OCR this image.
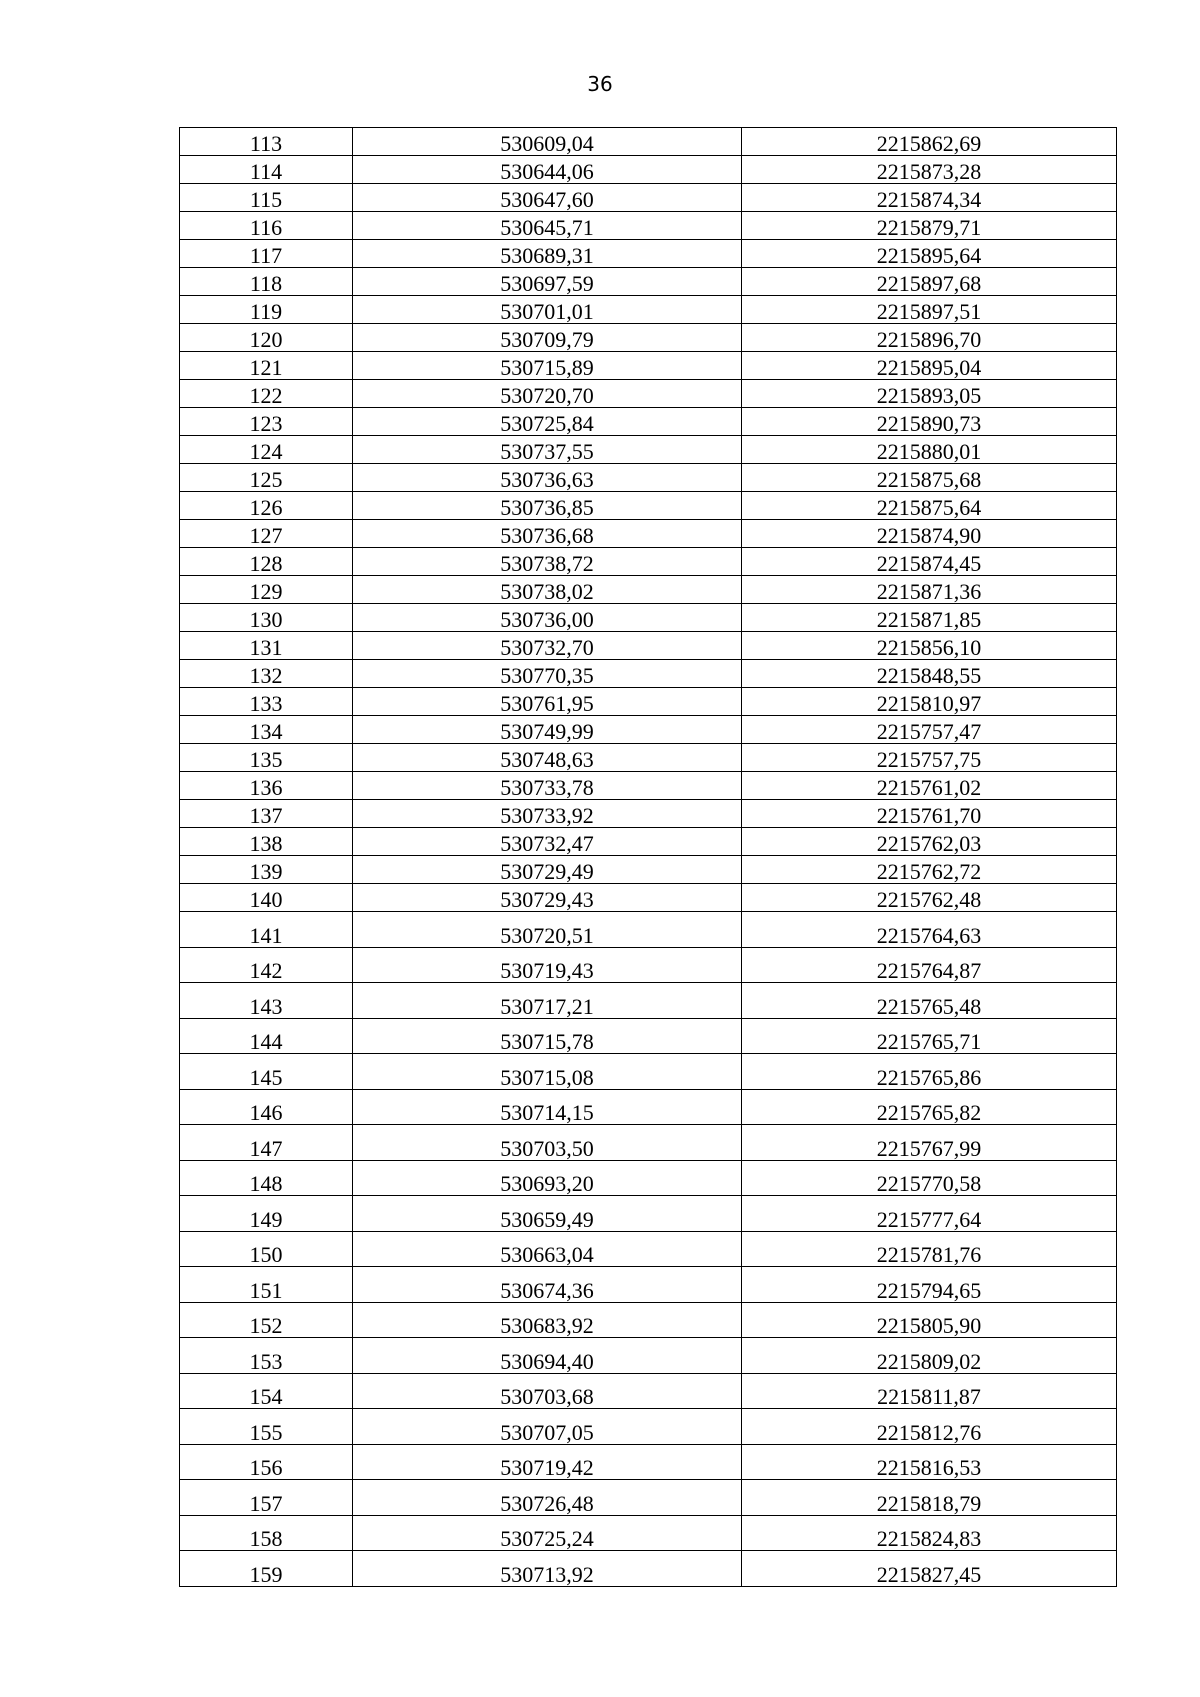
36
113	530609,04	2215862,69
114	530644,06	2215873,28
115	530647,60	2215874,34
116	530645,71	2215879,71
117	530689,31	2215895,64
118	530697,59	2215897,68
119	530701,01	2215897,51
120	530709,79	2215896,70
121	530715,89	2215895,04
122	530720,70	2215893,05
123	530725,84	2215890,73
124	530737,55	2215880,01
125	530736,63	2215875,68
126	530736,85	2215875,64
127	530736,68	2215874,90
128	530738,72	2215874,45
129	530738,02	2215871,36
130	530736,00	2215871,85
131	530732,70	2215856,10
132	530770,35	2215848,55
133	530761,95	2215810,97
134	530749,99	2215757,47
135	530748,63	2215757,75
136	530733,78	2215761,02
137	530733,92	2215761,70
138	530732,47	2215762,03
139	530729,49	2215762,72
140	530729,43	2215762,48
141	530720,51	2215764,63
142	530719,43	2215764,87
143	530717,21	2215765,48
144	530715,78	2215765,71
145	530715,08	2215765,86
146	530714,15	2215765,82
147	530703,50	2215767,99
148	530693,20	2215770,58
149	530659,49	2215777,64
150	530663,04	2215781,76
151	530674,36	2215794,65
152	530683,92	2215805,90
153	530694,40	2215809,02
154	530703,68	2215811,87
155	530707,05	2215812,76
156	530719,42	2215816,53
157	530726,48	2215818,79
158	530725,24	2215824,83
159	530713,92	2215827,45
